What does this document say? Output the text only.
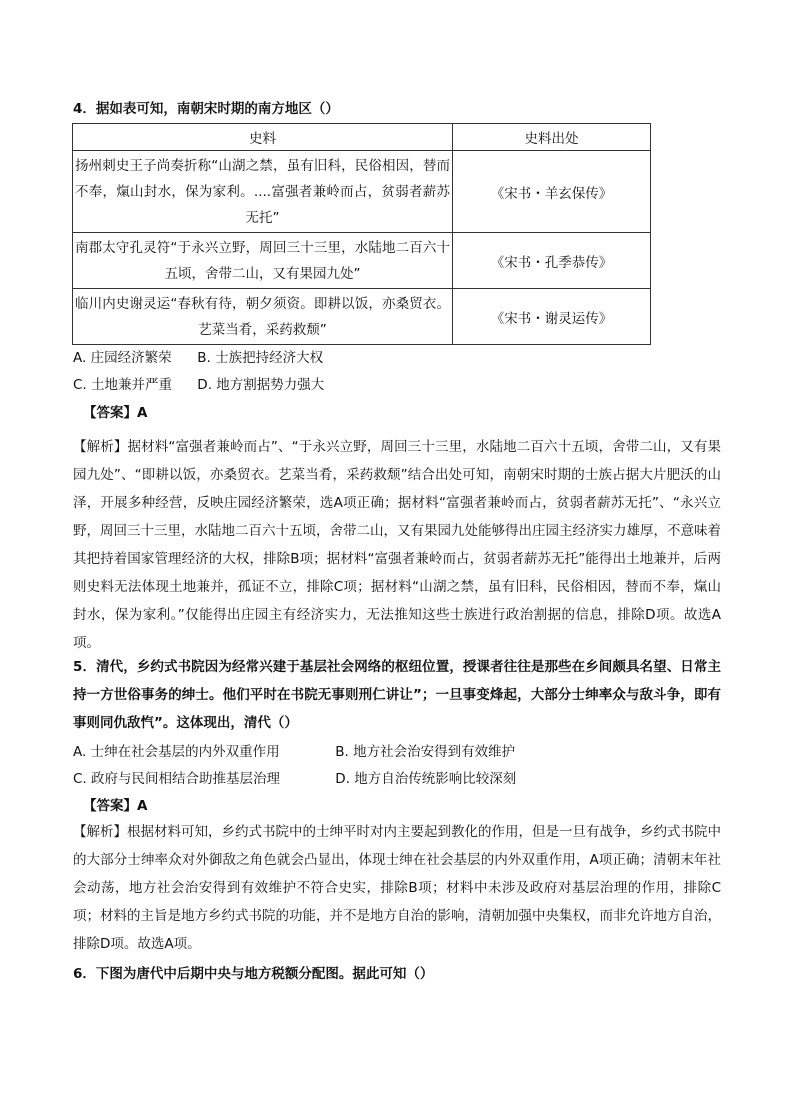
4．据如表可知，南朝宋时期的南方地区（）
史料	史料出处
扬州刺史王子尚奏折称“山湖之禁，虽有旧科，民俗相因，替而不奉，熂山封水，保为家利。....富强者兼岭而占，贫弱者薪苏无托”	《宋书・羊玄保传》
南郡太守孔灵符“于永兴立野，周回三十三里，水陆地二百六十五顷，舍带二山，又有果园九处”	《宋书・孔季恭传》
临川内史谢灵运“春秋有待，朝夕须资。即耕以饭，亦桑贸衣。艺菜当肴，采药救颓”	《宋书・谢灵运传》
A. 庄园经济繁荣 B. 士族把持经济大权
C. 土地兼并严重 D. 地方割据势力强大
【答案】A
【解析】据材料“富强者兼岭而占”、“于永兴立野，周回三十三里，水陆地二百六十五顷，舍带二山，又有果园九处”、“即耕以饭，亦桑贸衣。艺菜当肴，采药救颓”结合出处可知，南朝宋时期的士族占据大片肥沃的山泽，开展多种经营，反映庄园经济繁荣，选A项正确；据材料“富强者兼岭而占，贫弱者薪苏无托”、“永兴立野，周回三十三里，水陆地二百六十五顷，舍带二山，又有果园九处能够得出庄园主经济实力雄厚，不意味着其把持着国家管理经济的大权，排除B项；据材料“富强者兼岭而占，贫弱者薪苏无托”能得出土地兼并，后两则史料无法体现土地兼并，孤证不立，排除C项；据材料“山湖之禁，虽有旧科，民俗相因，替而不奉，熂山封水，保为家利。”仅能得出庄园主有经济实力，无法推知这些士族进行政治割据的信息，排除D项。故选A项。
5．清代，乡约式书院因为经常兴建于基层社会网络的枢纽位置，授课者往往是那些在乡间颇具名望、日常主持一方世俗事务的绅士。他们平时在书院无事则刑仁讲让”；一旦事变烽起，大部分士绅率众与敌斗争，即有事则同仇敌忾”。这体现出，清代（）
A. 士绅在社会基层的内外双重作用	B. 地方社会治安得到有效维护
C. 政府与民间相结合助推基层治理	D. 地方自治传统影响比较深刻
【答案】A
【解析】根据材料可知，乡约式书院中的士绅平时对内主要起到教化的作用，但是一旦有战争，乡约式书院中的大部分士绅率众对外御敌之角色就会凸显出，体现士绅在社会基层的内外双重作用，A项正确；清朝末年社会动荡，地方社会治安得到有效维护不符合史实，排除B项；材料中未涉及政府对基层治理的作用，排除C项；材料的主旨是地方乡约式书院的功能，并不是地方自治的影响，清朝加强中央集权，而非允许地方自治，排除D项。故选A项。
6．下图为唐代中后期中央与地方税额分配图。据此可知（）
